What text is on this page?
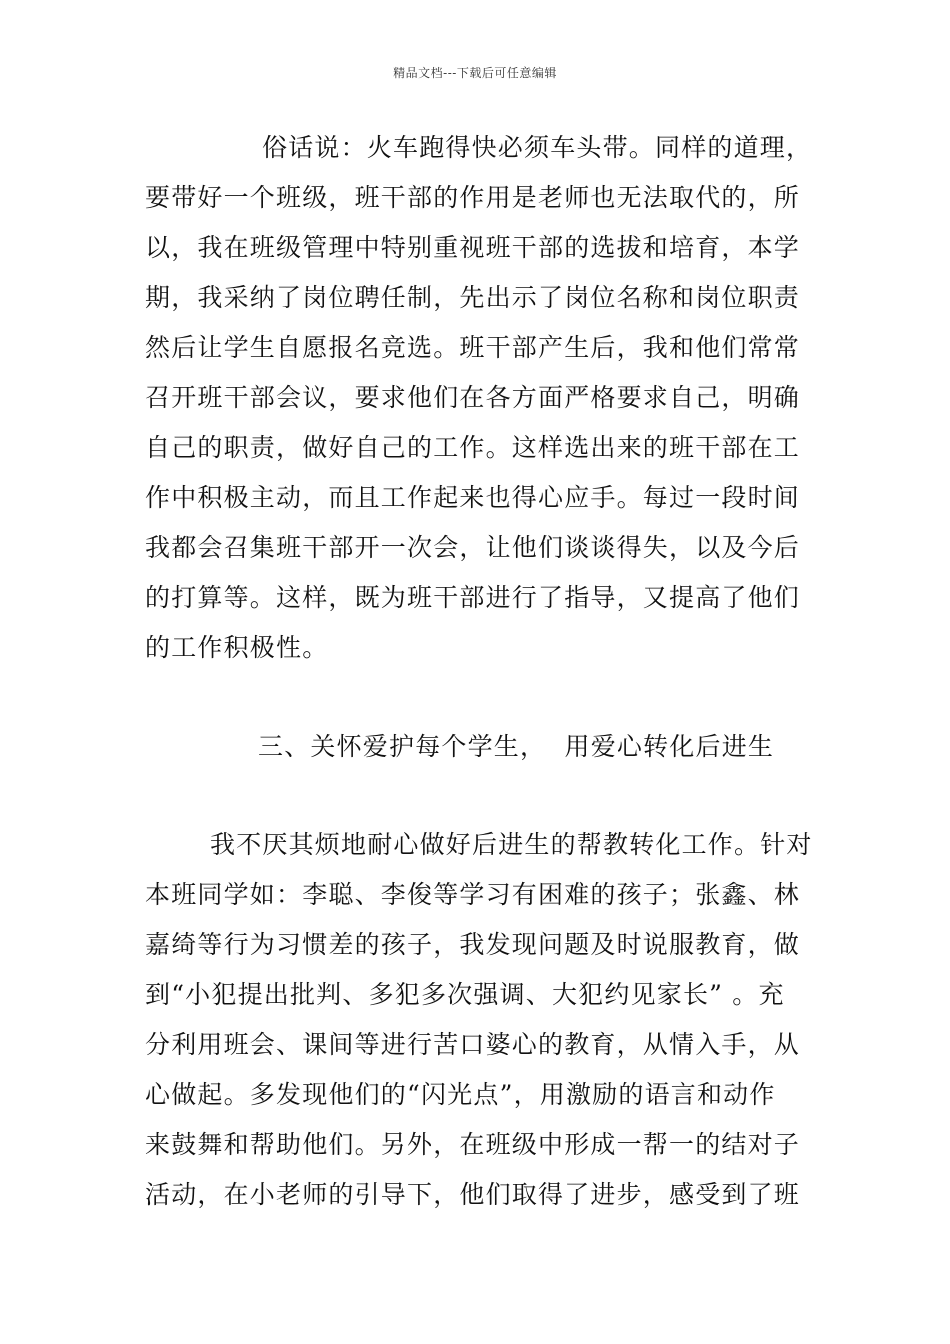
精品文档---下载后可任意编辑
俗话说：火车跑得快必须车头带。同样的道理，
要带好一个班级，班干部的作用是老师也无法取代的，所
以，我在班级管理中特别重视班干部的选拔和培育，本学
期，我采纳了岗位聘任制，先出示了岗位名称和岗位职责
然后让学生自愿报名竞选。班干部产生后，我和他们常常
召开班干部会议，要求他们在各方面严格要求自己，明确
自己的职责，做好自己的工作。这样选出来的班干部在工
作中积极主动，而且工作起来也得心应手。每过一段时间
我都会召集班干部开一次会，让他们谈谈得失，以及今后
的打算等。这样，既为班干部进行了指导，又提高了他们
的工作积极性。
三、关怀爱护每个学生，  用爱心转化后进生
我不厌其烦地耐心做好后进生的帮教转化工作。针对
本班同学如：李聪、李俊等学习有困难的孩子；张鑫、林
嘉绮等行为习惯差的孩子，我发现问题及时说服教育，做
到“小犯提出批判、多犯多次强调、大犯约见家长” 。充
分利用班会、课间等进行苦口婆心的教育，从情入手，从
心做起。多发现他们的“闪光点”，用激励的语言和动作
来鼓舞和帮助他们。另外，在班级中形成一帮一的结对子
活动，在小老师的引导下，他们取得了进步，感受到了班
